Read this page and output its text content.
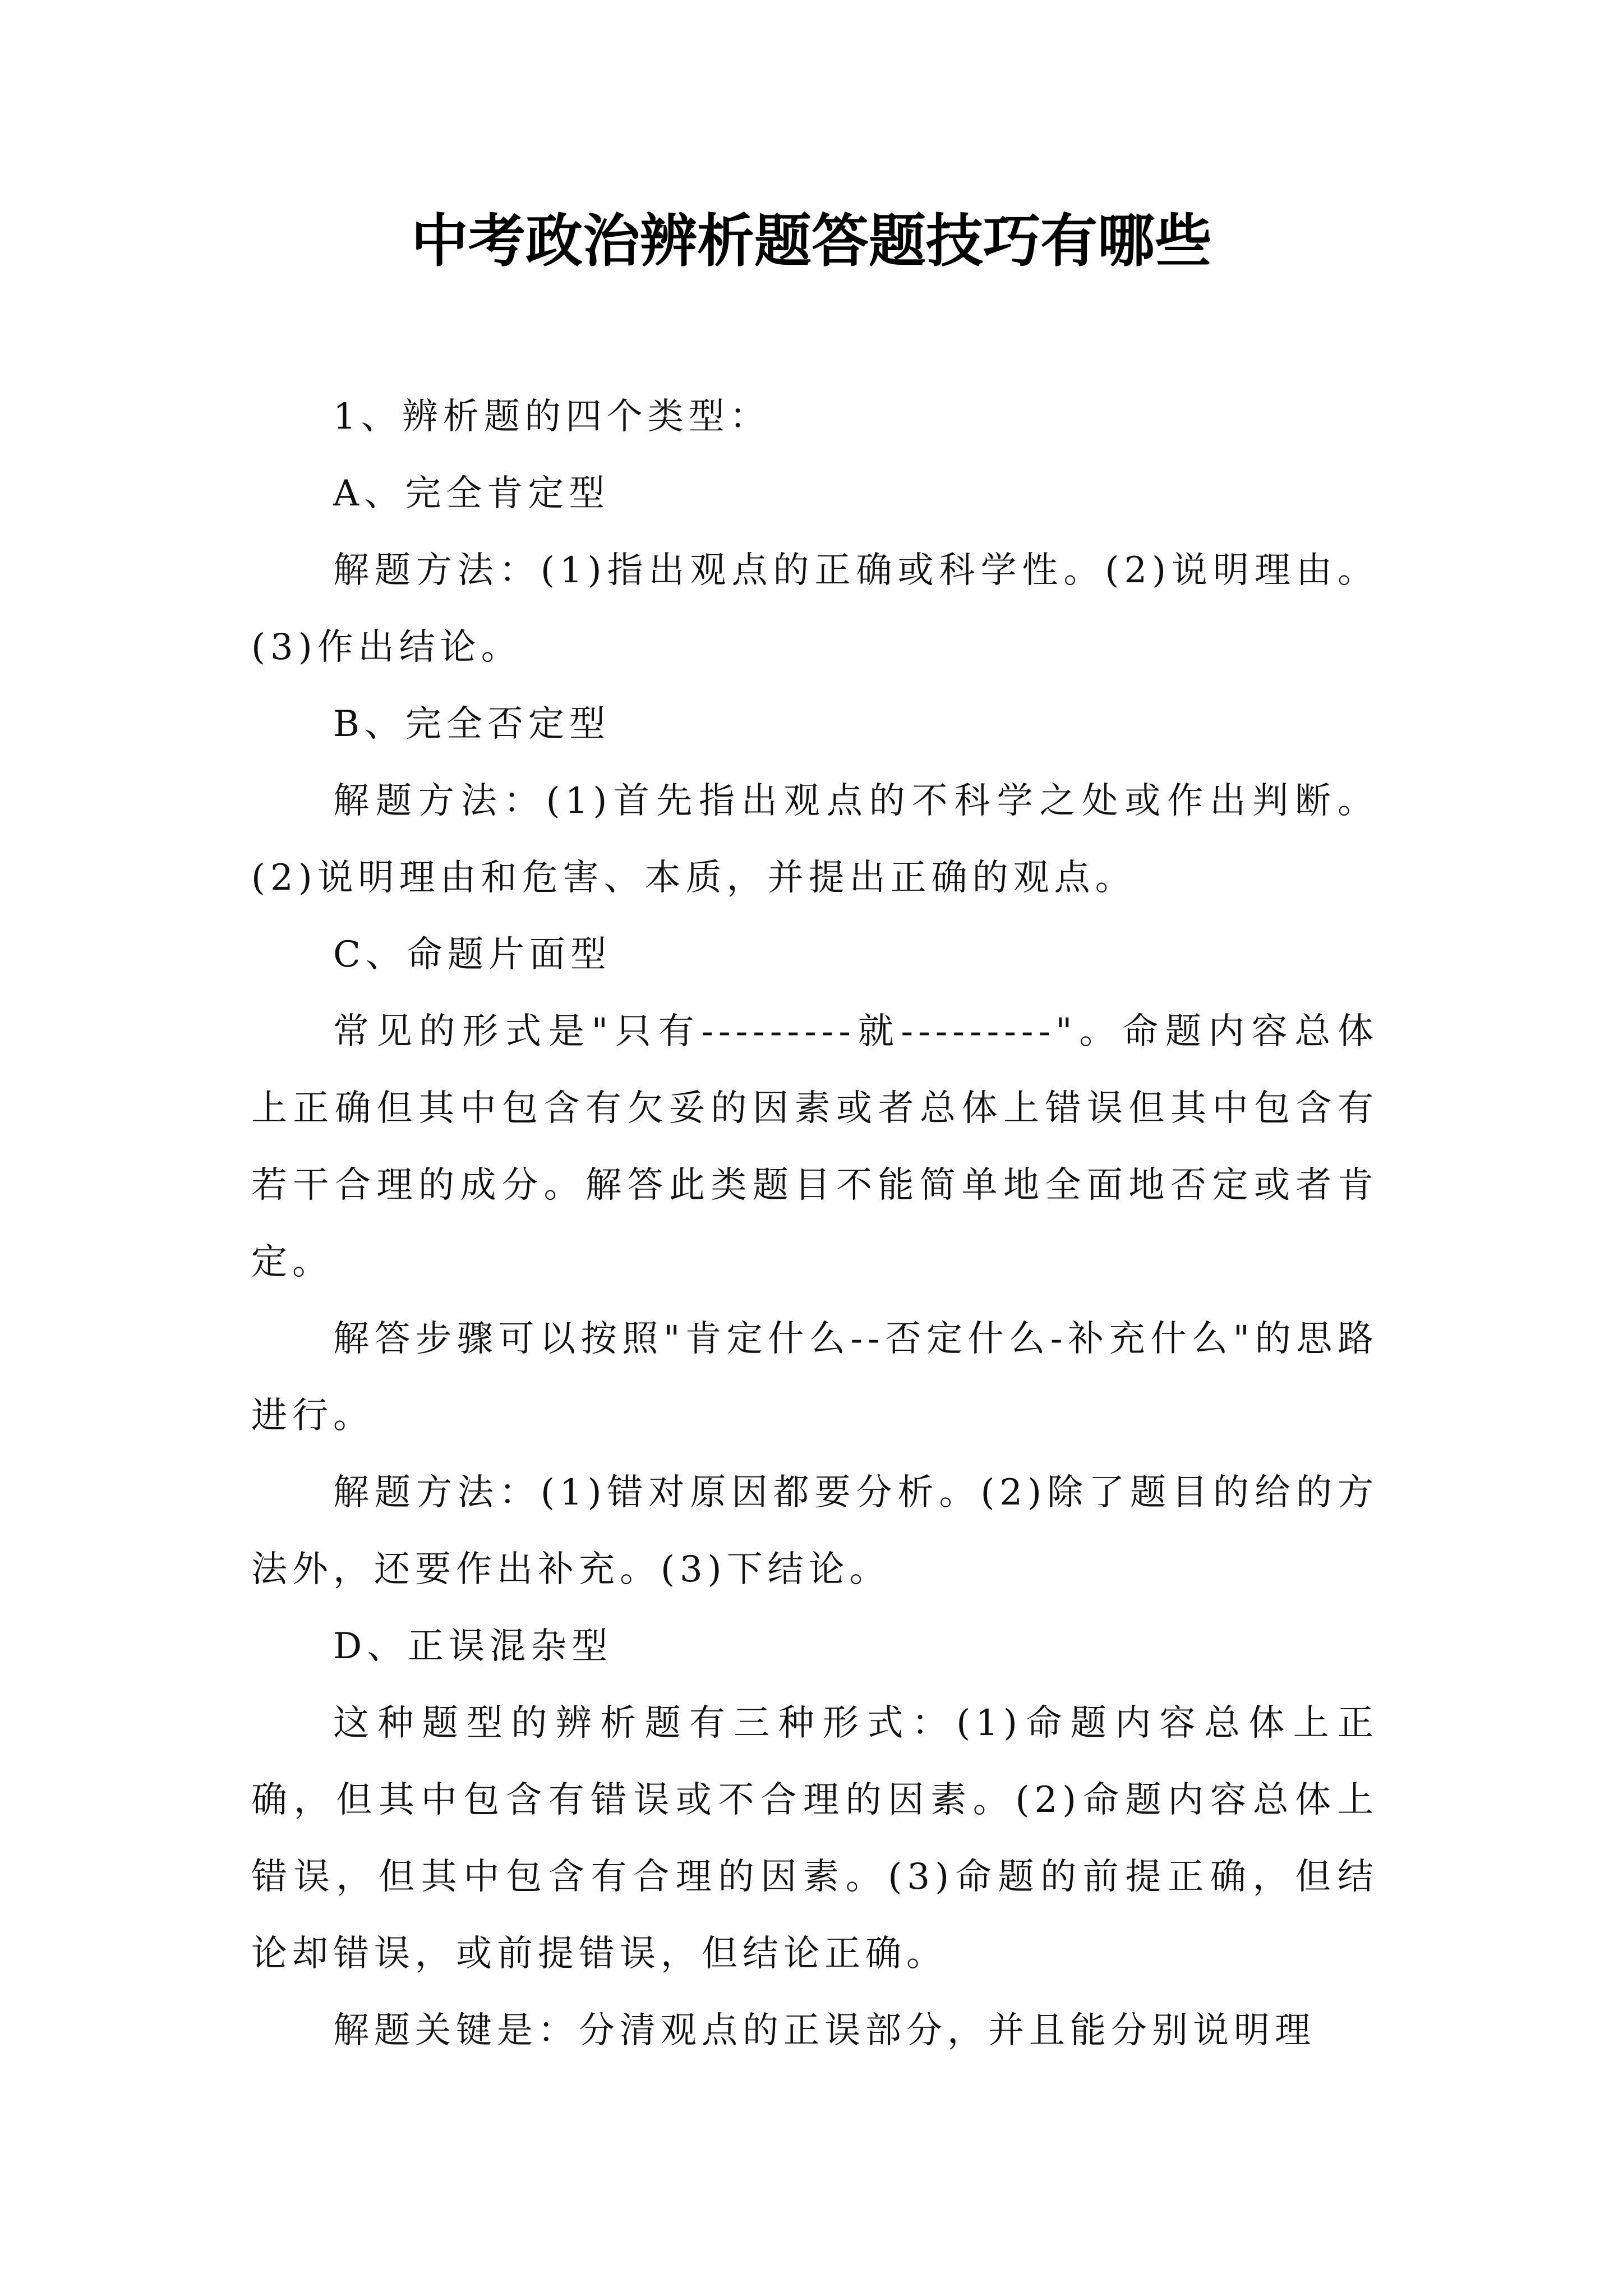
中考政治辨析题答题技巧有哪些

1、辨析题的四个类型：

A、完全肯定型

解题方法：(1)指出观点的正确或科学性。(2)说明理由。(3)作出结论。

B、完全否定型

解题方法：(1)首先指出观点的不科学之处或作出判断。(2)说明理由和危害、本质，并提出正确的观点。

C、命题片面型

常见的形式是"只有---------就---------"。命题内容总体上正确但其中包含有欠妥的因素或者总体上错误但其中包含有若干合理的成分。解答此类题目不能简单地全面地否定或者肯定。

解答步骤可以按照"肯定什么--否定什么-补充什么"的思路进行。

解题方法：(1)错对原因都要分析。(2)除了题目的给的方法外，还要作出补充。(3)下结论。

D、正误混杂型

这种题型的辨析题有三种形式：(1)命题内容总体上正确，但其中包含有错误或不合理的因素。(2)命题内容总体上错误，但其中包含有合理的因素。(3)命题的前提正确，但结论却错误，或前提错误，但结论正确。

解题关键是：分清观点的正误部分，并且能分别说明理
